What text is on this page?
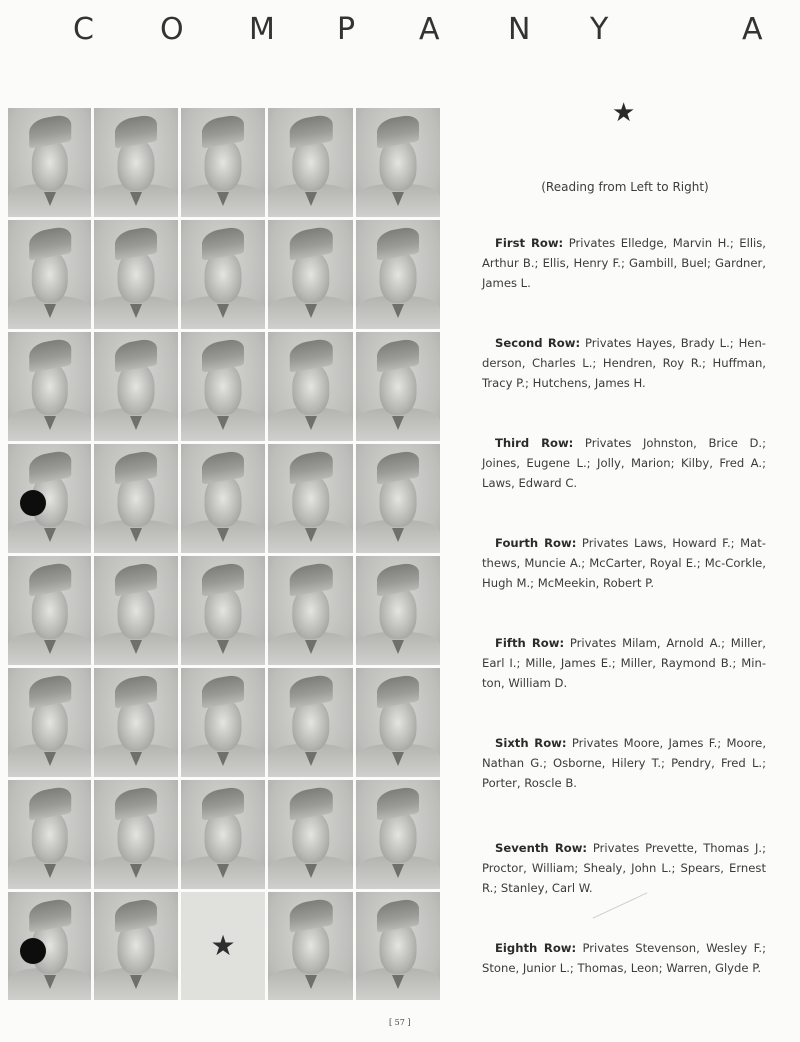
C O M P A N Y	A
★
★
(Reading from Left to Right)
First Row: Privates Elledge, Marvin H.; Ellis, Arthur B.; Ellis, Henry F.; Gambill, Buel; Gardner, James L.
Second Row: Privates Hayes, Brady L.; Hen-derson, Charles L.; Hendren, Roy R.; Huffman, Tracy P.; Hutchens, James H.
Third Row: Privates Johnston, Brice D.; Joines, Eugene L.; Jolly, Marion; Kilby, Fred A.; Laws, Edward C.
Fourth Row: Privates Laws, Howard F.; Mat-thews, Muncie A.; McCarter, Royal E.; Mc-Corkle, Hugh M.; McMeekin, Robert P.
Fifth Row: Privates Milam, Arnold A.; Miller, Earl I.; Mille, James E.; Miller, Raymond B.; Min-ton, William D.
Sixth Row: Privates Moore, James F.; Moore, Nathan G.; Osborne, Hilery T.; Pendry, Fred L.; Porter, Roscle B.
Seventh Row: Privates Prevette, Thomas J.; Proctor, William; Shealy, John L.; Spears, Ernest R.; Stanley, Carl W.
Eighth Row: Privates Stevenson, Wesley F.; Stone, Junior L.; Thomas, Leon; Warren, Glyde P.
[ 57 ]
